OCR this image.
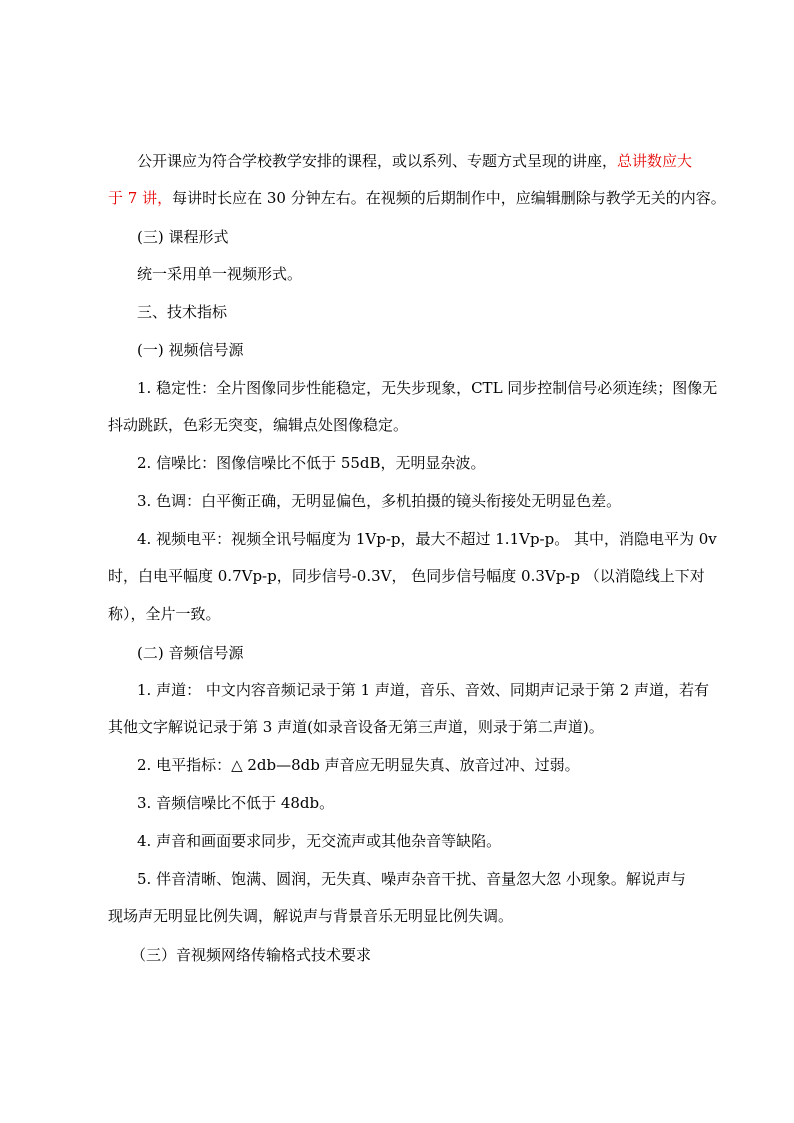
公开课应为符合学校教学安排的课程，或以系列、专题方式呈现的讲座，总讲数应大

于 7 讲，每讲时长应在 30 分钟左右。在视频的后期制作中，应编辑删除与教学无关的内容。

(三) 课程形式

统一采用单一视频形式。

三、技术指标

(一) 视频信号源

1. 稳定性：全片图像同步性能稳定，无失步现象，CTL 同步控制信号必须连续；图像无

抖动跳跃，色彩无突变，编辑点处图像稳定。

2. 信噪比：图像信噪比不低于 55dB，无明显杂波。

3. 色调：白平衡正确，无明显偏色，多机拍摄的镜头衔接处无明显色差。

4. 视频电平：视频全讯号幅度为 1Vp-p，最大不超过 1.1Vp-p。 其中，消隐电平为 0v

时，白电平幅度 0.7Vp-p，同步信号-0.3V， 色同步信号幅度 0.3Vp-p （以消隐线上下对

称），全片一致。

(二) 音频信号源

1. 声道： 中文内容音频记录于第 1 声道，音乐、音效、同期声记录于第 2 声道，若有

其他文字解说记录于第 3 声道(如录音设备无第三声道，则录于第二声道)。

2. 电平指标：△ 2db—8db 声音应无明显失真、放音过冲、过弱。

3. 音频信噪比不低于 48db。

4. 声音和画面要求同步，无交流声或其他杂音等缺陷。

5. 伴音清晰、饱满、圆润，无失真、噪声杂音干扰、音量忽大忽 小现象。解说声与

现场声无明显比例失调，解说声与背景音乐无明显比例失调。

（三）音视频网络传输格式技术要求
